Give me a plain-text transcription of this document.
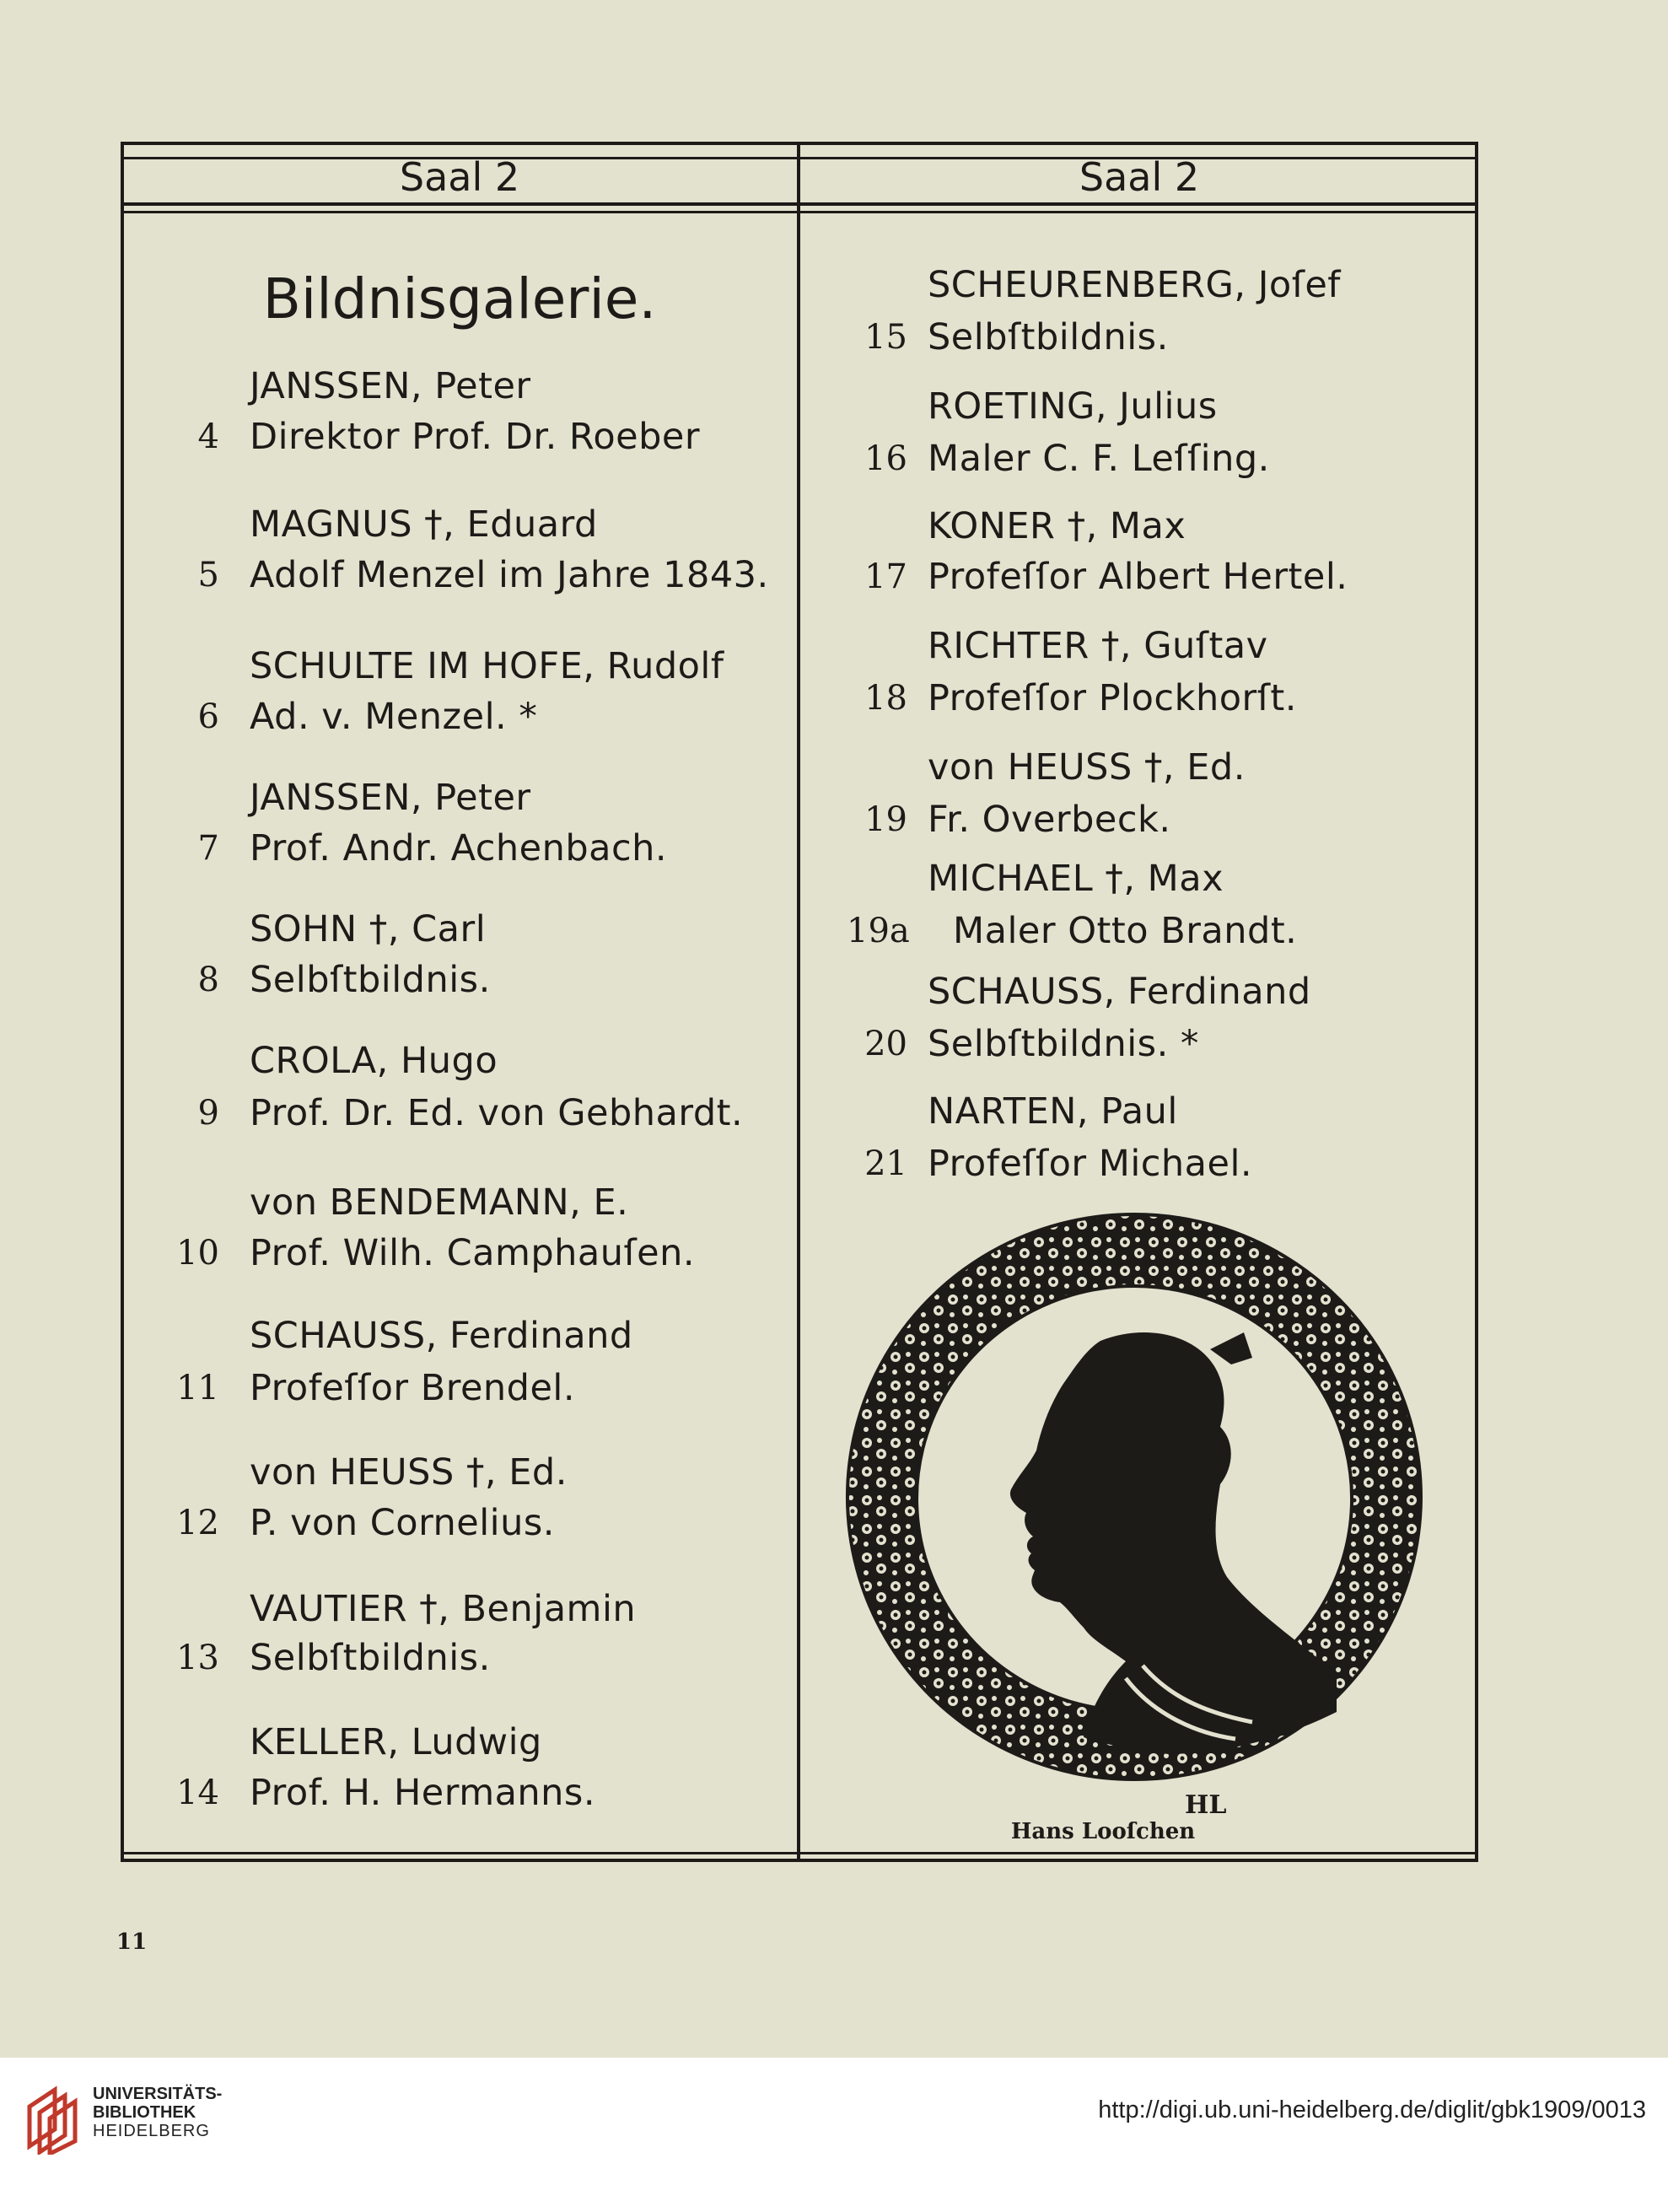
Saal 2	Saal 2
Bildnisgalerie.
JANSSEN, Peter
4 Direktor Prof. Dr. Roeber
MAGNUS †, Eduard
5 Adolf Menzel im Jahre 1843.
SCHULTE IM HOFE, Rudolf
6 Ad. v. Menzel. *
JANSSEN, Peter
7 Prof. Andr. Achenbach.
SOHN †, Carl
8 Selbſtbildnis.
CROLA, Hugo
9 Prof. Dr. Ed. von Gebhardt.
von BENDEMANN, E.
10 Prof. Wilh. Camphauſen.
SCHAUSS, Ferdinand
11 Profeſſor Brendel.
von HEUSS †, Ed.
12 P. von Cornelius.
VAUTIER †, Benjamin
13 Selbſtbildnis.
KELLER, Ludwig
14 Prof. H. Hermanns.
SCHEURENBERG, Joſef
15 Selbſtbildnis.
ROETING, Julius
16 Maler C. F. Leſſing.
KONER †, Max
17 Profeſſor Albert Hertel.
RICHTER †, Guſtav
18 Profeſſor Plockhorſt.
von HEUSS †, Ed.
19 Fr. Overbeck.
MICHAEL †, Max
19a Maler Otto Brandt.
SCHAUSS, Ferdinand
20 Selbſtbildnis. *
NARTEN, Paul
21 Profeſſor Michael.
HL
Hans Looſchen
11
UNIVERSITÄTS-
BIBLIOTHEK
HEIDELBERG
http://digi.ub.uni-heidelberg.de/diglit/gbk1909/0013
